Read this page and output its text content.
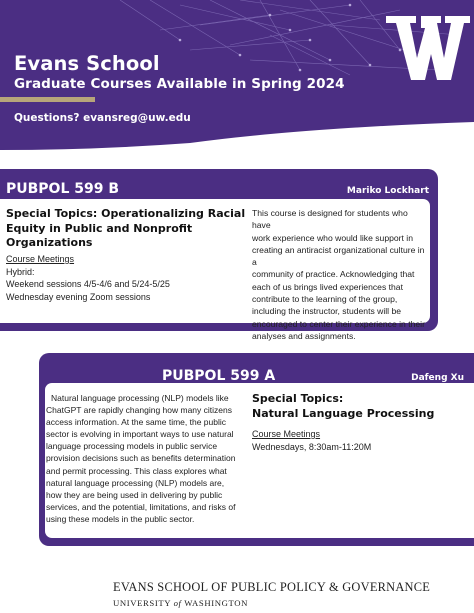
Evans School
Graduate Courses Available in Spring 2024
Questions? evansreg@uw.edu
PUBPOL 599 B	Mariko Lockhart
Special Topics: Operationalizing Racial
Equity in Public and Nonprofit
Organizations
Course Meetings
Hybrid:
Weekend sessions 4/5-4/6 and 5/24-5/25
Wednesday evening Zoom sessions
This course is designed for students who have
work experience who would like support in
creating an antiracist organizational culture in a
community of practice. Acknowledging that
each of us brings lived experiences that
contribute to the learning of the group,
including the instructor, students will be
encouraged to center their experience in their
analyses and assignments.
PUBPOL 599 A	Dafeng Xu
Natural language processing (NLP) models like
ChatGPT are rapidly changing how many citizens
access information. At the same time, the public
sector is evolving in important ways to use natural
language processing models in public service
provision decisions such as benefits determination
and permit processing. This class explores what
natural language processing (NLP) models are,
how they are being used in delivering by public
services, and the potential, limitations, and risks of
using these models in the public sector.
Special Topics:
Natural Language Processing
Course Meetings
Wednesdays, 8:30am-11:20M
EVANS SCHOOL OF PUBLIC POLICY & GOVERNANCE
UNIVERSITY of WASHINGTON
